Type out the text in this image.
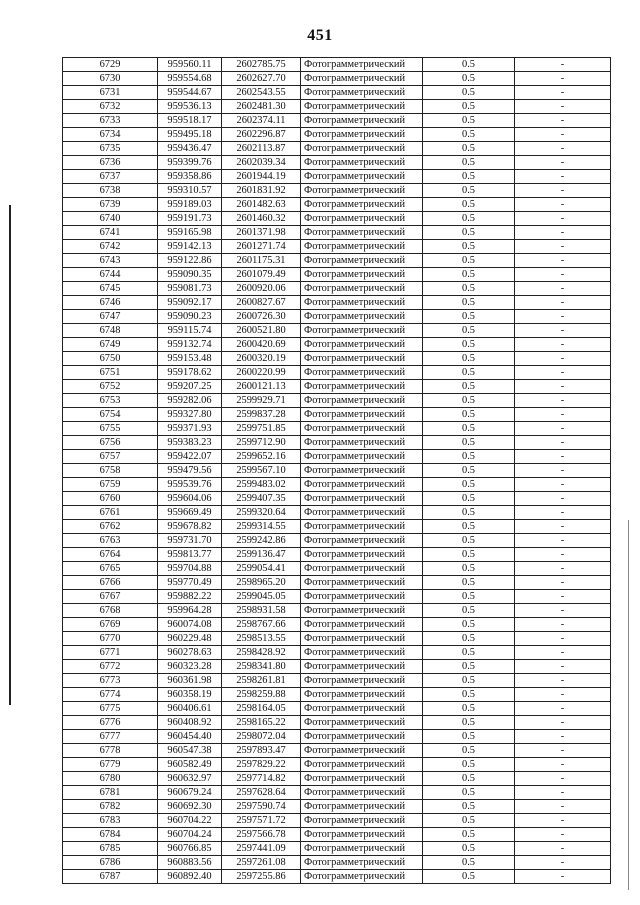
451
6729	959560.11	2602785.75	Фотограмметрический	0.5	-
6730	959554.68	2602627.70	Фотограмметрический	0.5	-
6731	959544.67	2602543.55	Фотограмметрический	0.5	-
6732	959536.13	2602481.30	Фотограмметрический	0.5	-
6733	959518.17	2602374.11	Фотограмметрический	0.5	-
6734	959495.18	2602296.87	Фотограмметрический	0.5	-
6735	959436.47	2602113.87	Фотограмметрический	0.5	-
6736	959399.76	2602039.34	Фотограмметрический	0.5	-
6737	959358.86	2601944.19	Фотограмметрический	0.5	-
6738	959310.57	2601831.92	Фотограмметрический	0.5	-
6739	959189.03	2601482.63	Фотограмметрический	0.5	-
6740	959191.73	2601460.32	Фотограмметрический	0.5	-
6741	959165.98	2601371.98	Фотограмметрический	0.5	-
6742	959142.13	2601271.74	Фотограмметрический	0.5	-
6743	959122.86	2601175.31	Фотограмметрический	0.5	-
6744	959090.35	2601079.49	Фотограмметрический	0.5	-
6745	959081.73	2600920.06	Фотограмметрический	0.5	-
6746	959092.17	2600827.67	Фотограмметрический	0.5	-
6747	959090.23	2600726.30	Фотограмметрический	0.5	-
6748	959115.74	2600521.80	Фотограмметрический	0.5	-
6749	959132.74	2600420.69	Фотограмметрический	0.5	-
6750	959153.48	2600320.19	Фотограмметрический	0.5	-
6751	959178.62	2600220.99	Фотограмметрический	0.5	-
6752	959207.25	2600121.13	Фотограмметрический	0.5	-
6753	959282.06	2599929.71	Фотограмметрический	0.5	-
6754	959327.80	2599837.28	Фотограмметрический	0.5	-
6755	959371.93	2599751.85	Фотограмметрический	0.5	-
6756	959383.23	2599712.90	Фотограмметрический	0.5	-
6757	959422.07	2599652.16	Фотограмметрический	0.5	-
6758	959479.56	2599567.10	Фотограмметрический	0.5	-
6759	959539.76	2599483.02	Фотограмметрический	0.5	-
6760	959604.06	2599407.35	Фотограмметрический	0.5	-
6761	959669.49	2599320.64	Фотограмметрический	0.5	-
6762	959678.82	2599314.55	Фотограмметрический	0.5	-
6763	959731.70	2599242.86	Фотограмметрический	0.5	-
6764	959813.77	2599136.47	Фотограмметрический	0.5	-
6765	959704.88	2599054.41	Фотограмметрический	0.5	-
6766	959770.49	2598965.20	Фотограмметрический	0.5	-
6767	959882.22	2599045.05	Фотограмметрический	0.5	-
6768	959964.28	2598931.58	Фотограмметрический	0.5	-
6769	960074.08	2598767.66	Фотограмметрический	0.5	-
6770	960229.48	2598513.55	Фотограмметрический	0.5	-
6771	960278.63	2598428.92	Фотограмметрический	0.5	-
6772	960323.28	2598341.80	Фотограмметрический	0.5	-
6773	960361.98	2598261.81	Фотограмметрический	0.5	-
6774	960358.19	2598259.88	Фотограмметрический	0.5	-
6775	960406.61	2598164.05	Фотограмметрический	0.5	-
6776	960408.92	2598165.22	Фотограмметрический	0.5	-
6777	960454.40	2598072.04	Фотограмметрический	0.5	-
6778	960547.38	2597893.47	Фотограмметрический	0.5	-
6779	960582.49	2597829.22	Фотограмметрический	0.5	-
6780	960632.97	2597714.82	Фотограмметрический	0.5	-
6781	960679.24	2597628.64	Фотограмметрический	0.5	-
6782	960692.30	2597590.74	Фотограмметрический	0.5	-
6783	960704.22	2597571.72	Фотограмметрический	0.5	-
6784	960704.24	2597566.78	Фотограмметрический	0.5	-
6785	960766.85	2597441.09	Фотограмметрический	0.5	-
6786	960883.56	2597261.08	Фотограмметрический	0.5	-
6787	960892.40	2597255.86	Фотограмметрический	0.5	-
